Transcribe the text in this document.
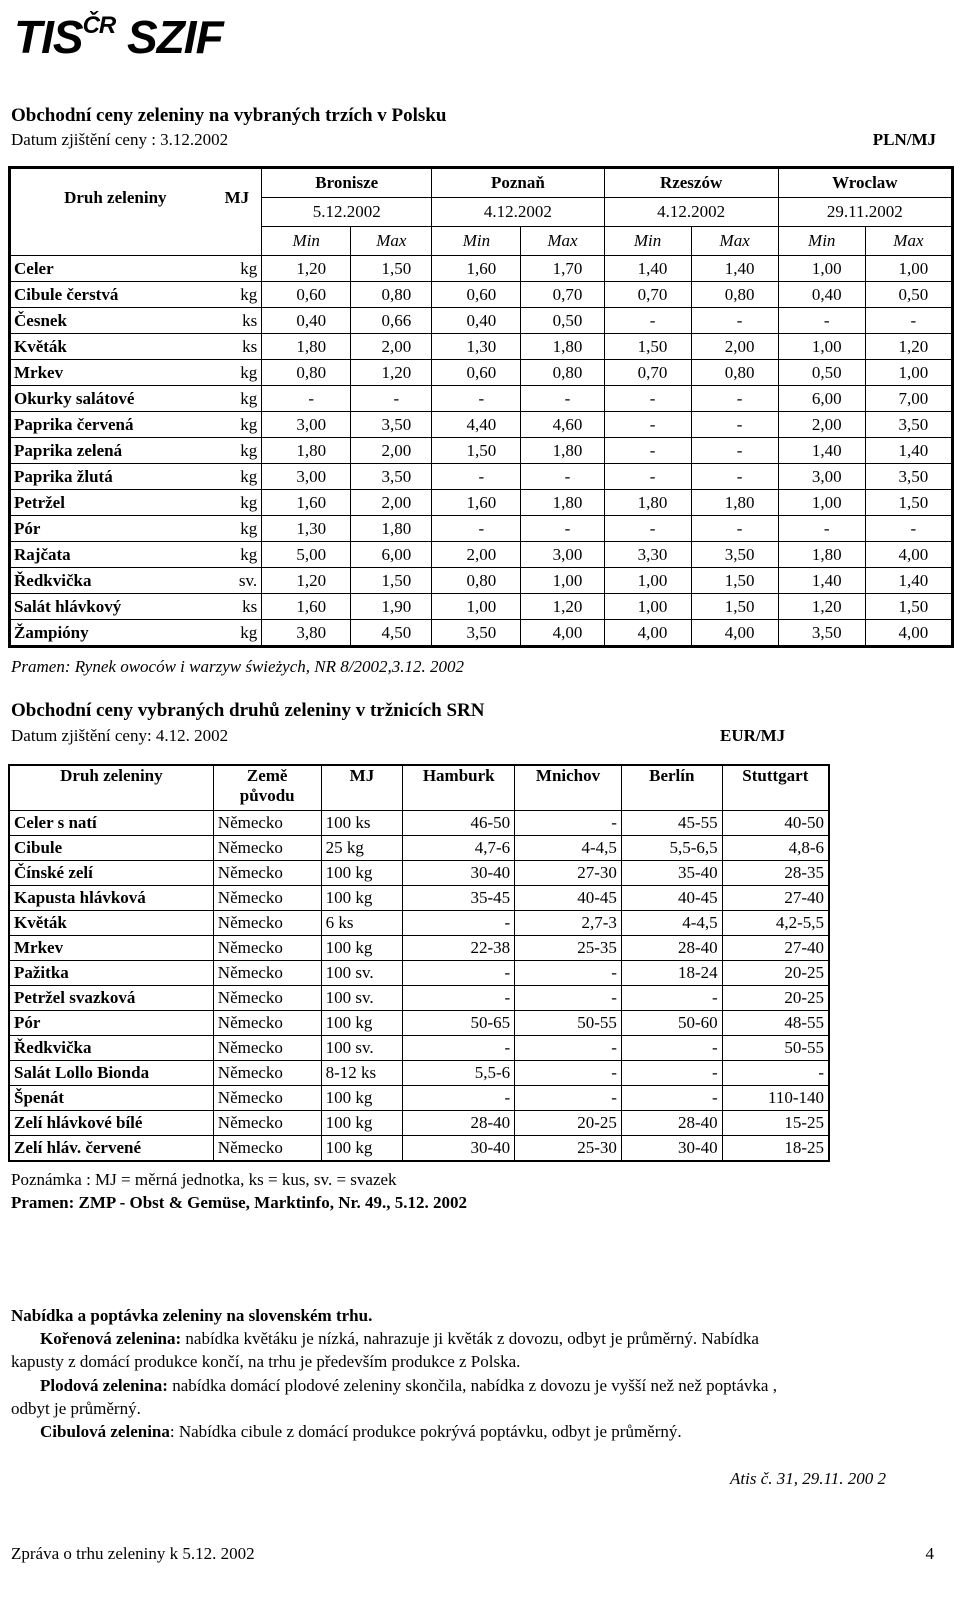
$TIS^{ČR}$ SZIF
Obchodní ceny zeleniny na vybraných trzích v Polsku
Datum zjištění ceny : 3.12.2002	PLN/MJ
Druh zeleniny	MJ	Bronisze		Poznaň		Rzeszów		Wroclaw	
		5.12.2002		4.12.2002		4.12.2002		29.11.2002	
		Min	Max	Min	Max	Min	Max	Min	Max
Celer	kg	1,20	1,50	1,60	1,70	1,40	1,40	1,00	1,00
Cibule čerstvá	kg	0,60	0,80	0,60	0,70	0,70	0,80	0,40	0,50
Česnek	ks	0,40	0,66	0,40	0,50	-	-	-	-
Květák	ks	1,80	2,00	1,30	1,80	1,50	2,00	1,00	1,20
Mrkev	kg	0,80	1,20	0,60	0,80	0,70	0,80	0,50	1,00
Okurky salátové	kg	-	-	-	-	-	-	6,00	7,00
Paprika červená	kg	3,00	3,50	4,40	4,60	-	-	2,00	3,50
Paprika zelená	kg	1,80	2,00	1,50	1,80	-	-	1,40	1,40
Paprika žlutá	kg	3,00	3,50	-	-	-	-	3,00	3,50
Petržel	kg	1,60	2,00	1,60	1,80	1,80	1,80	1,00	1,50
Pór	kg	1,30	1,80	-	-	-	-	-	-
Rajčata	kg	5,00	6,00	2,00	3,00	3,30	3,50	1,80	4,00
Ředkvička	sv.	1,20	1,50	0,80	1,00	1,00	1,50	1,40	1,40
Salát hlávkový	ks	1,60	1,90	1,00	1,20	1,00	1,50	1,20	1,50
Žampióny	kg	3,80	4,50	3,50	4,00	4,00	4,00	3,50	4,00
Pramen: Rynek owoców i warzyw świeżych, NR 8/2002,3.12. 2002
Obchodní ceny vybraných druhů zeleniny v tržnicích SRN
Datum zjištění ceny: 4.12. 2002	EUR/MJ
Druh zeleniny	Země původu	MJ	Hamburk	Mnichov	Berlín	Stuttgart
Celer s natí	Německo	100 ks	46-50	-	45-55	40-50
Cibule	Německo	25 kg	4,7-6	4-4,5	5,5-6,5	4,8-6
Čínské zelí	Německo	100 kg	30-40	27-30	35-40	28-35
Kapusta hlávková	Německo	100 kg	35-45	40-45	40-45	27-40
Květák	Německo	6 ks	-	2,7-3	4-4,5	4,2-5,5
Mrkev	Německo	100 kg	22-38	25-35	28-40	27-40
Pažitka	Německo	100 sv.	-	-	18-24	20-25
Petržel svazková	Německo	100 sv.	-	-	-	20-25
Pór	Německo	100 kg	50-65	50-55	50-60	48-55
Ředkvička	Německo	100 sv.	-	-	-	50-55
Salát Lollo Bionda	Německo	8-12 ks	5,5-6	-	-	-
Špenát	Německo	100 kg	-	-	-	110-140
Zelí hlávkové bílé	Německo	100 kg	28-40	20-25	28-40	15-25
Zelí hláv. červené	Německo	100 kg	30-40	25-30	30-40	18-25
Poznámka : MJ = měrná jednotka, ks = kus, sv. = svazek
Pramen: ZMP - Obst & Gemüse, Marktinfo, Nr. 49., 5.12. 2002
Nabídka a poptávka zeleniny na slovenském trhu.
Kořenová zelenina: nabídka květáku je nízká, nahrazuje ji květák z dovozu, odbyt je průměrný. Nabídka
kapusty z domácí produkce končí, na trhu je především produkce z Polska.
Plodová zelenina: nabídka domácí plodové zeleniny skončila, nabídka z dovozu je vyšší než než poptávka ,
odbyt je průměrný.
Cibulová zelenina: Nabídka cibule z domácí produkce pokrývá poptávku, odbyt je průměrný.
Atis č. 31, 29.11. 200 2
Zpráva o trhu zeleniny k 5.12. 2002	4
